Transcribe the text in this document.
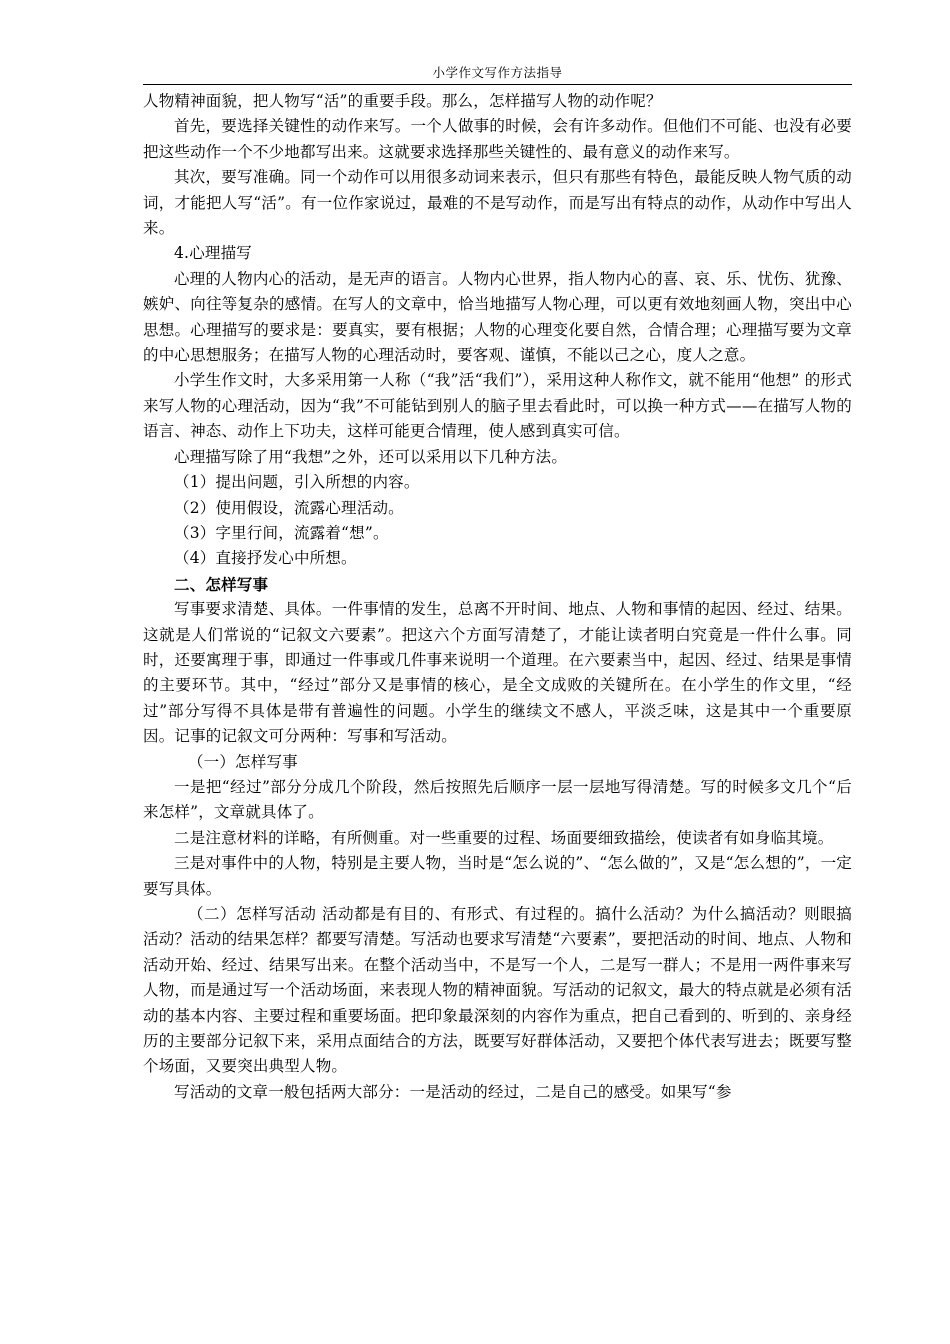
小学作文写作方法指导

人物精神面貌，把人物写“活”的重要手段。那么，怎样描写人物的动作呢？

首先，要选择关键性的动作来写。一个人做事的时候，会有许多动作。但他们不可能、也没有必要把这些动作一个不少地都写出来。这就要求选择那些关键性的、最有意义的动作来写。

其次，要写准确。同一个动作可以用很多动词来表示，但只有那些有特色，最能反映人物气质的动词，才能把人写“活”。有一位作家说过，最难的不是写动作，而是写出有特点的动作，从动作中写出人来。

4.心理描写

心理的人物内心的活动，是无声的语言。人物内心世界，指人物内心的喜、哀、乐、忧伤、犹豫、嫉妒、向往等复杂的感情。在写人的文章中，恰当地描写人物心理，可以更有效地刻画人物，突出中心思想。心理描写的要求是：要真实，要有根据；人物的心理变化要自然，合情合理；心理描写要为文章的中心思想服务；在描写人物的心理活动时，要客观、谨慎，不能以己之心，度人之意。

小学生作文时，大多采用第一人称（“我”活“我们”），采用这种人称作文，就不能用“他想” 的形式来写人物的心理活动，因为“我”不可能钻到别人的脑子里去看此时，可以换一种方式——在描写人物的语言、神态、动作上下功夫，这样可能更合情理，使人感到真实可信。

心理描写除了用“我想”之外，还可以采用以下几种方法。

（1）提出问题，引入所想的内容。

（2）使用假设，流露心理活动。

（3）字里行间，流露着“想”。

（4）直接抒发心中所想。

二、怎样写事

写事要求清楚、具体。一件事情的发生，总离不开时间、地点、人物和事情的起因、经过、结果。这就是人们常说的“记叙文六要素”。把这六个方面写清楚了，才能让读者明白究竟是一件什么事。同时，还要寓理于事，即通过一件事或几件事来说明一个道理。在六要素当中，起因、经过、结果是事情的主要环节。其中，“经过”部分又是事情的核心，是全文成败的关键所在。在小学生的作文里，“经过”部分写得不具体是带有普遍性的问题。小学生的继续文不感人，平淡乏味，这是其中一个重要原因。记事的记叙文可分两种：写事和写活动。

（一）怎样写事

一是把“经过”部分分成几个阶段，然后按照先后顺序一层一层地写得清楚。写的时候多文几个“后来怎样”，文章就具体了。

二是注意材料的详略，有所侧重。对一些重要的过程、场面要细致描绘，使读者有如身临其境。

三是对事件中的人物，特别是主要人物，当时是“怎么说的”、“怎么做的”，又是“怎么想的”，一定要写具体。

（二）怎样写活动 活动都是有目的、有形式、有过程的。搞什么活动？为什么搞活动？则眼搞活动？活动的结果怎样？都要写清楚。写活动也要求写清楚“六要素”，要把活动的时间、地点、人物和活动开始、经过、结果写出来。在整个活动当中，不是写一个人，二是写一群人；不是用一两件事来写人物，而是通过写一个活动场面，来表现人物的精神面貌。写活动的记叙文，最大的特点就是必须有活动的基本内容、主要过程和重要场面。把印象最深刻的内容作为重点，把自己看到的、听到的、亲身经历的主要部分记叙下来，采用点面结合的方法，既要写好群体活动，又要把个体代表写进去；既要写整个场面，又要突出典型人物。

写活动的文章一般包括两大部分：一是活动的经过，二是自己的感受。如果写“参
